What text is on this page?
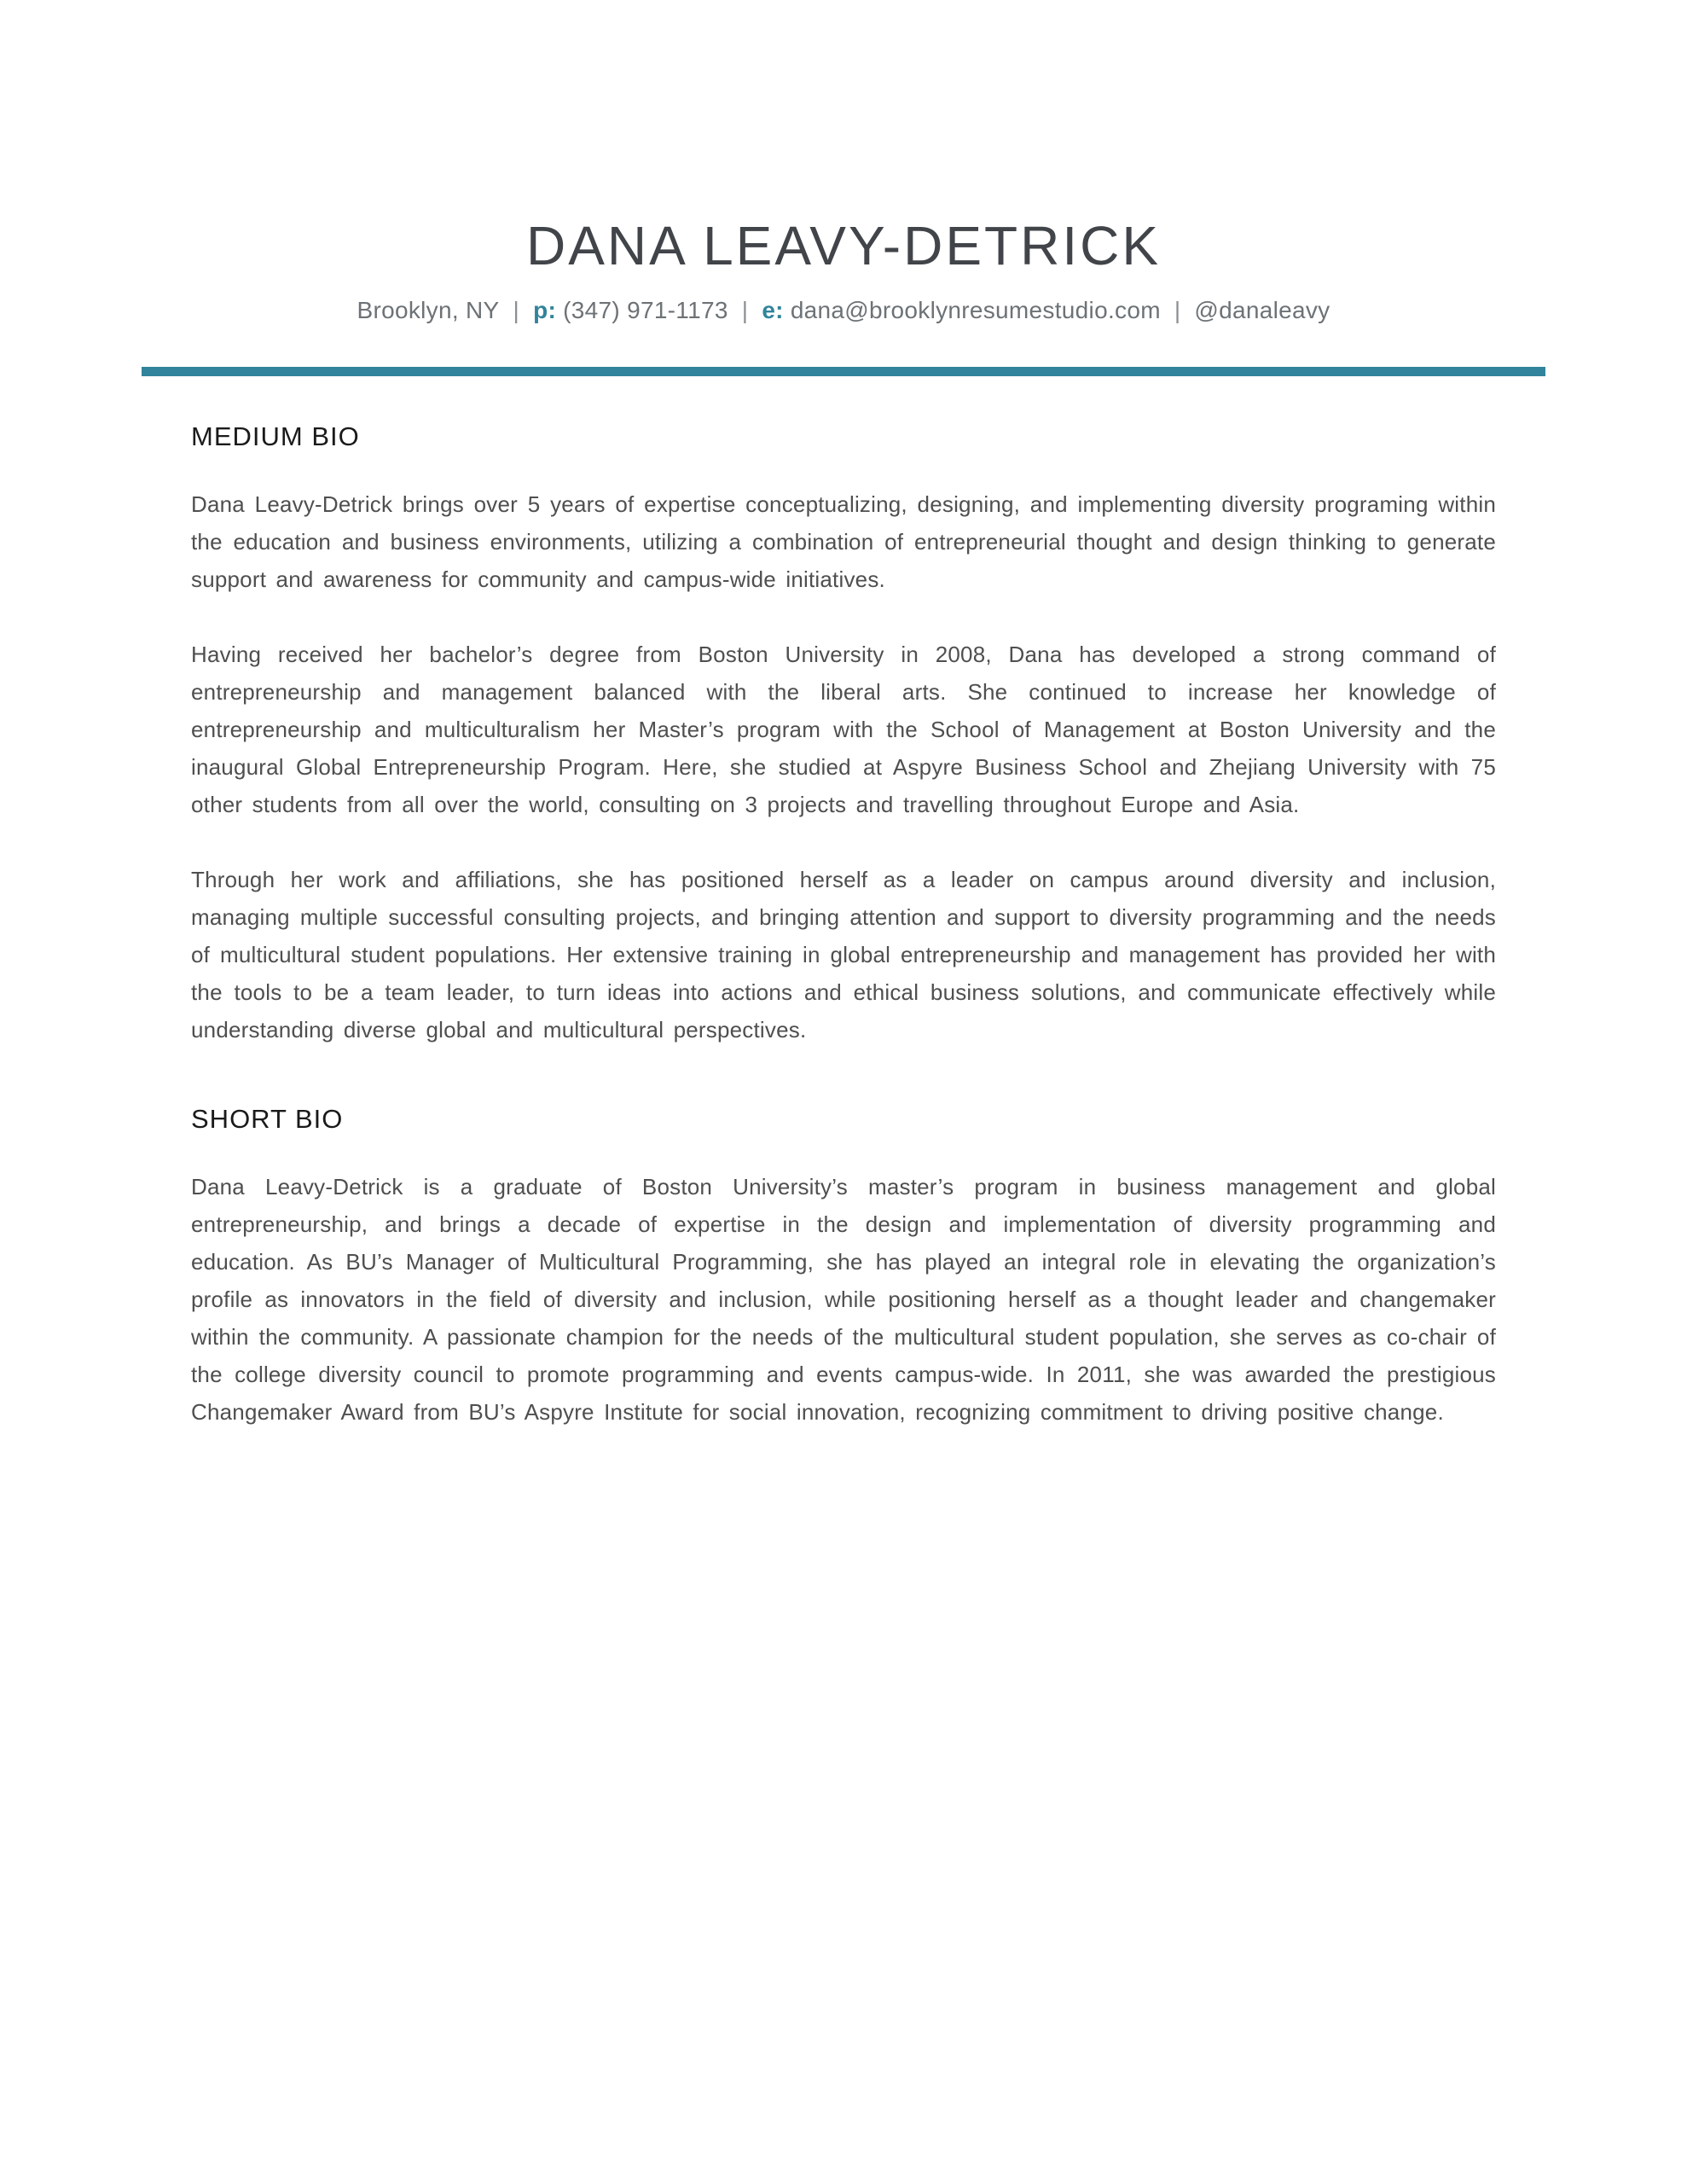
DANA LEAVY-DETRICK
Brooklyn, NY | p: (347) 971-1173 | e: dana@brooklynresumestudio.com | @danaleavy
MEDIUM BIO

Dana Leavy-Detrick brings over 5 years of expertise conceptualizing, designing, and implementing diversity programing within the education and business environments, utilizing a combination of entrepreneurial thought and design thinking to generate support and awareness for community and campus-wide initiatives.

Having received her bachelor’s degree from Boston University in 2008, Dana has developed a strong command of entrepreneurship and management balanced with the liberal arts. She continued to increase her knowledge of entrepreneurship and multiculturalism her Master’s program with the School of Management at Boston University and the inaugural Global Entrepreneurship Program. Here, she studied at Aspyre Business School and Zhejiang University with 75 other students from all over the world, consulting on 3 projects and travelling throughout Europe and Asia.

Through her work and affiliations, she has positioned herself as a leader on campus around diversity and inclusion, managing multiple successful consulting projects, and bringing attention and support to diversity programming and the needs of multicultural student populations. Her extensive training in global entrepreneurship and management has provided her with the tools to be a team leader, to turn ideas into actions and ethical business solutions, and communicate effectively while understanding diverse global and multicultural perspectives.

SHORT BIO

Dana Leavy-Detrick is a graduate of Boston University’s master’s program in business management and global entrepreneurship, and brings a decade of expertise in the design and implementation of diversity programming and education. As BU’s Manager of Multicultural Programming, she has played an integral role in elevating the organization’s profile as innovators in the field of diversity and inclusion, while positioning herself as a thought leader and changemaker within the community. A passionate champion for the needs of the multicultural student population, she serves as co-chair of the college diversity council to promote programming and events campus-wide. In 2011, she was awarded the prestigious Changemaker Award from BU’s Aspyre Institute for social innovation, recognizing commitment to driving positive change.
